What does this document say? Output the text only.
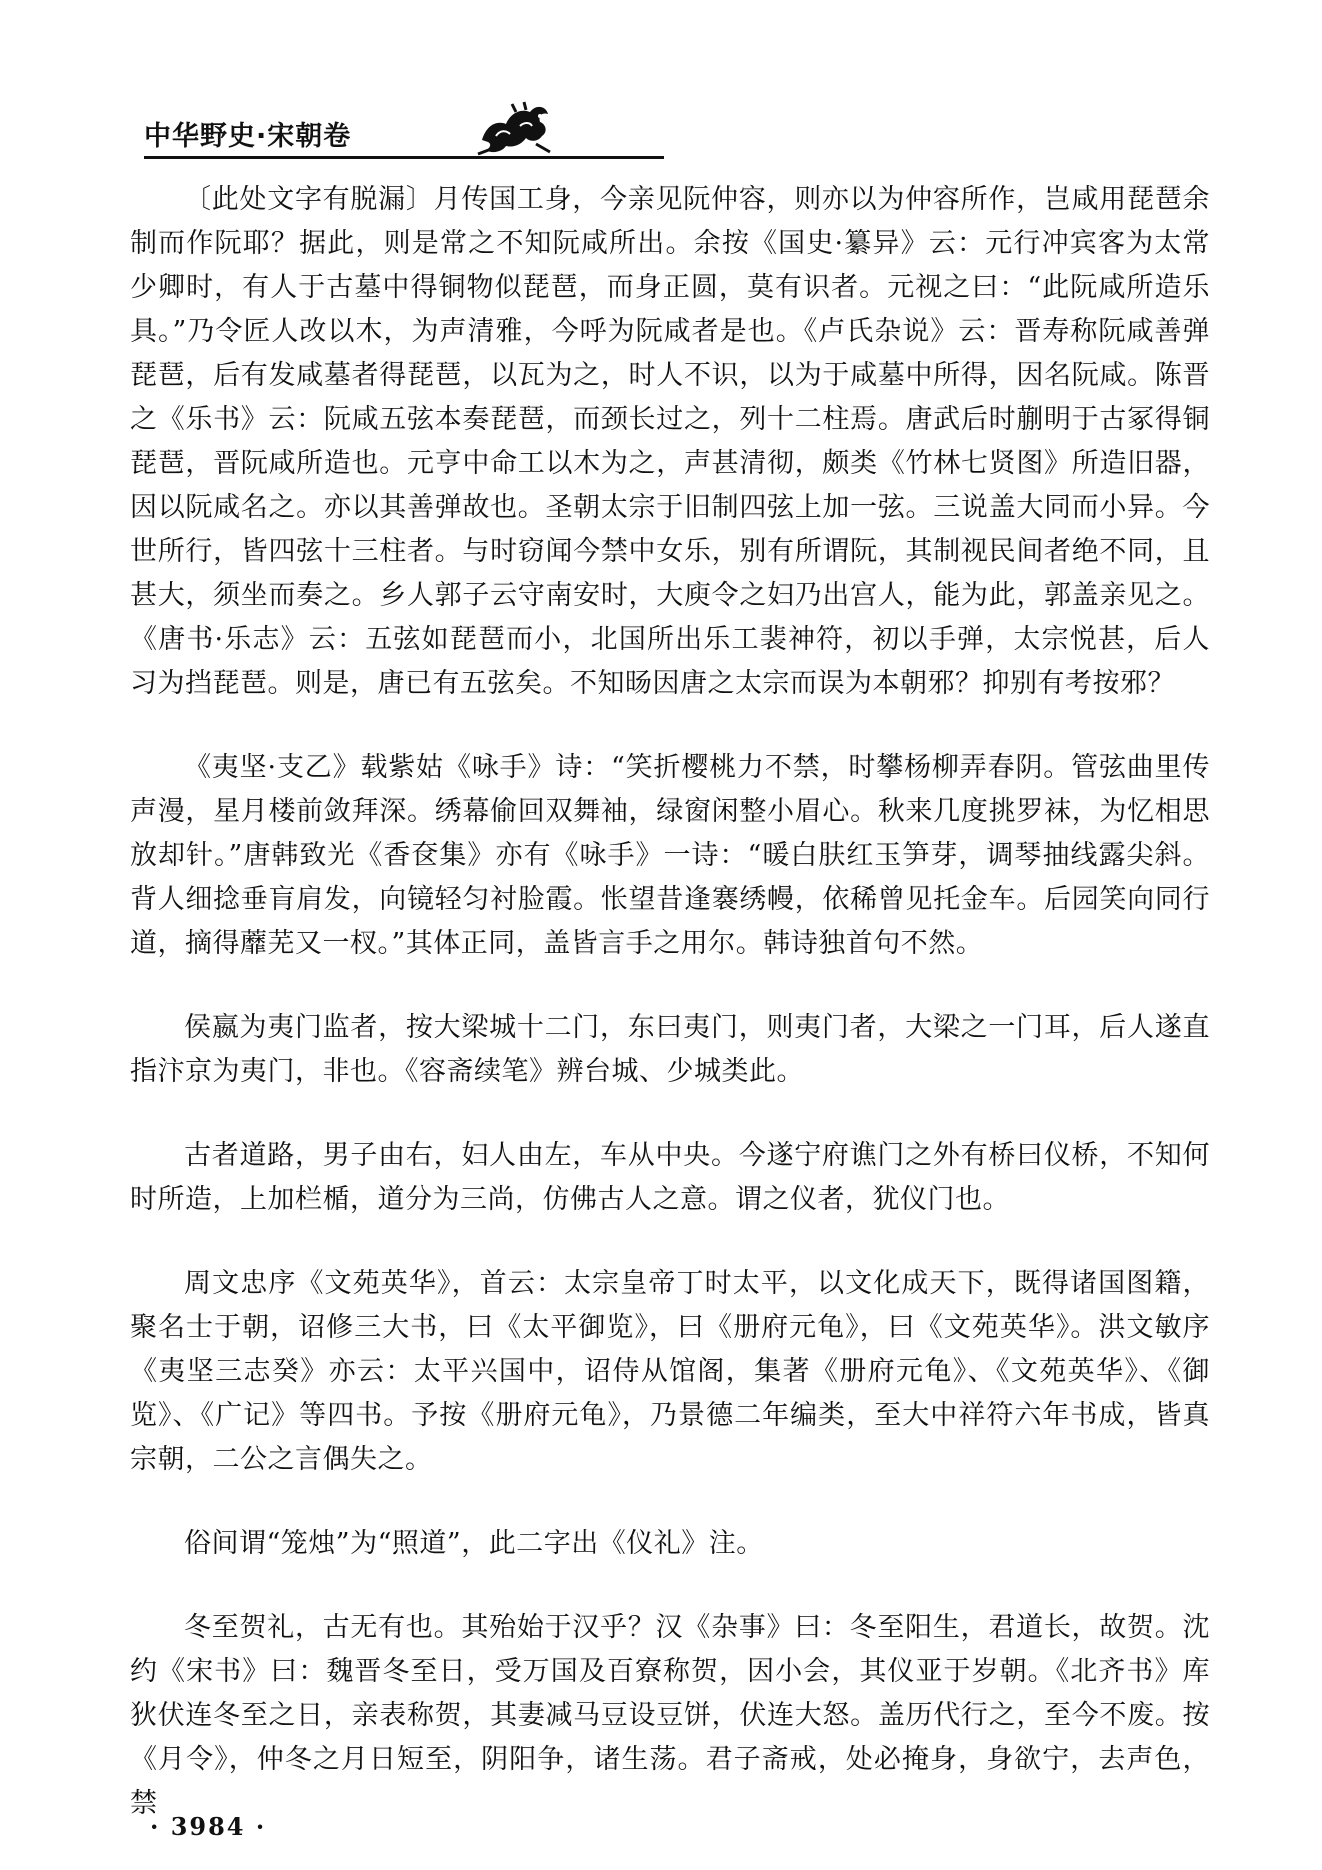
中华野史·宋朝卷

〔此处文字有脱漏〕月传国工身，今亲见阮仲容，则亦以为仲容所作，岂咸用琵琶余制而作阮耶？据此，则是常之不知阮咸所出。余按《国史·纂异》云：元行冲宾客为太常少卿时，有人于古墓中得铜物似琵琶，而身正圆，莫有识者。元视之曰：“此阮咸所造乐具。”乃令匠人改以木，为声清雅，今呼为阮咸者是也。《卢氏杂说》云：晋寿称阮咸善弹琵琶，后有发咸墓者得琵琶，以瓦为之，时人不识，以为于咸墓中所得，因名阮咸。陈晋之《乐书》云：阮咸五弦本奏琵琶，而颈长过之，列十二柱焉。唐武后时蒯明于古冢得铜琵琶，晋阮咸所造也。元亨中命工以木为之，声甚清彻，颇类《竹林七贤图》所造旧器，因以阮咸名之。亦以其善弹故也。圣朝太宗于旧制四弦上加一弦。三说盖大同而小异。今世所行，皆四弦十三柱者。与时窃闻今禁中女乐，别有所谓阮，其制视民间者绝不同，且甚大，须坐而奏之。乡人郭子云守南安时，大庾令之妇乃出宫人，能为此，郭盖亲见之。《唐书·乐志》云：五弦如琵琶而小，北国所出乐工裴神符，初以手弹，太宗悦甚，后人习为挡琵琶。则是，唐已有五弦矣。不知旸因唐之太宗而误为本朝邪？抑别有考按邪？

《夷坚·支乙》载紫姑《咏手》诗：“笑折樱桃力不禁，时攀杨柳弄春阴。管弦曲里传声漫，星月楼前敛拜深。绣幕偷回双舞袖，绿窗闲整小眉心。秋来几度挑罗袜，为忆相思放却针。”唐韩致光《香奁集》亦有《咏手》一诗：“暖白肤红玉笋芽，调琴抽线露尖斜。背人细捻垂肓肩发，向镜轻匀衬脸霞。怅望昔逢褰绣幔，依稀曾见托金车。后园笑向同行道，摘得蘼芜又一杈。”其体正同，盖皆言手之用尔。韩诗独首句不然。

侯嬴为夷门监者，按大梁城十二门，东曰夷门，则夷门者，大梁之一门耳，后人遂直指汴京为夷门，非也。《容斋续笔》辨台城、少城类此。

古者道路，男子由右，妇人由左，车从中央。今遂宁府谯门之外有桥曰仪桥，不知何时所造，上加栏楯，道分为三尚，仿佛古人之意。谓之仪者，犹仪门也。

周文忠序《文苑英华》，首云：太宗皇帝丁时太平，以文化成天下，既得诸国图籍，聚名士于朝，诏修三大书，曰《太平御览》，曰《册府元龟》，曰《文苑英华》。洪文敏序《夷坚三志癸》亦云：太平兴国中，诏侍从馆阁，集著《册府元龟》、《文苑英华》、《御览》、《广记》等四书。予按《册府元龟》，乃景德二年编类，至大中祥符六年书成，皆真宗朝，二公之言偶失之。

俗间谓“笼烛”为“照道”，此二字出《仪礼》注。

冬至贺礼，古无有也。其殆始于汉乎？汉《杂事》曰：冬至阳生，君道长，故贺。沈约《宋书》曰：魏晋冬至日，受万国及百寮称贺，因小会，其仪亚于岁朝。《北齐书》库狄伏连冬至之日，亲表称贺，其妻减马豆设豆饼，伏连大怒。盖历代行之，至今不废。按《月令》，仲冬之月日短至，阴阳争，诸生荡。君子斋戒，处必掩身，身欲宁，去声色，禁

· 3984 ·
